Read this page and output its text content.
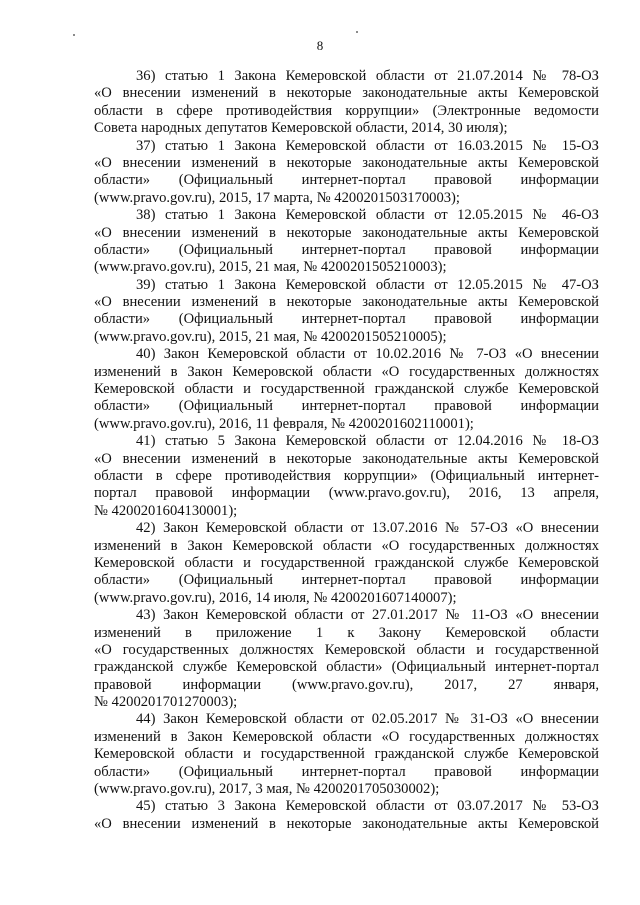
8
36) статью 1 Закона Кемеровской области от 21.07.2014 № 78-ОЗ
«О внесении изменений в некоторые законодательные акты Кемеровской
области в сфере противодействия коррупции» (Электронные ведомости
Совета народных депутатов Кемеровской области, 2014, 30 июля);
37) статью 1 Закона Кемеровской области от 16.03.2015 № 15-ОЗ
«О внесении изменений в некоторые законодательные акты Кемеровской
области» (Официальный интернет-портал правовой информации
(www.pravo.gov.ru), 2015, 17 марта, № 4200201503170003);
38) статью 1 Закона Кемеровской области от 12.05.2015 № 46-ОЗ
«О внесении изменений в некоторые законодательные акты Кемеровской
области» (Официальный интернет-портал правовой информации
(www.pravo.gov.ru), 2015, 21 мая, № 4200201505210003);
39) статью 1 Закона Кемеровской области от 12.05.2015 № 47-ОЗ
«О внесении изменений в некоторые законодательные акты Кемеровской
области» (Официальный интернет-портал правовой информации
(www.pravo.gov.ru), 2015, 21 мая, № 4200201505210005);
40) Закон Кемеровской области от 10.02.2016 № 7-ОЗ «О внесении
изменений в Закон Кемеровской области «О государственных должностях
Кемеровской области и государственной гражданской службе Кемеровской
области» (Официальный интернет-портал правовой информации
(www.pravo.gov.ru), 2016, 11 февраля, № 4200201602110001);
41) статью 5 Закона Кемеровской области от 12.04.2016 № 18-ОЗ
«О внесении изменений в некоторые законодательные акты Кемеровской
области в сфере противодействия коррупции» (Официальный интернет-
портал правовой информации (www.pravo.gov.ru), 2016, 13 апреля,
№ 4200201604130001);
42) Закон Кемеровской области от 13.07.2016 № 57-ОЗ «О внесении
изменений в Закон Кемеровской области «О государственных должностях
Кемеровской области и государственной гражданской службе Кемеровской
области» (Официальный интернет-портал правовой информации
(www.pravo.gov.ru), 2016, 14 июля, № 4200201607140007);
43) Закон Кемеровской области от 27.01.2017 № 11-ОЗ «О внесении
изменений в приложение 1 к Закону Кемеровской области
«О государственных должностях Кемеровской области и государственной
гражданской службе Кемеровской области» (Официальный интернет-портал
правовой информации (www.pravo.gov.ru), 2017, 27 января,
№ 4200201701270003);
44) Закон Кемеровской области от 02.05.2017 № 31-ОЗ «О внесении
изменений в Закон Кемеровской области «О государственных должностях
Кемеровской области и государственной гражданской службе Кемеровской
области» (Официальный интернет-портал правовой информации
(www.pravo.gov.ru), 2017, 3 мая, № 4200201705030002);
45) статью 3 Закона Кемеровской области от 03.07.2017 № 53-ОЗ
«О внесении изменений в некоторые законодательные акты Кемеровской
